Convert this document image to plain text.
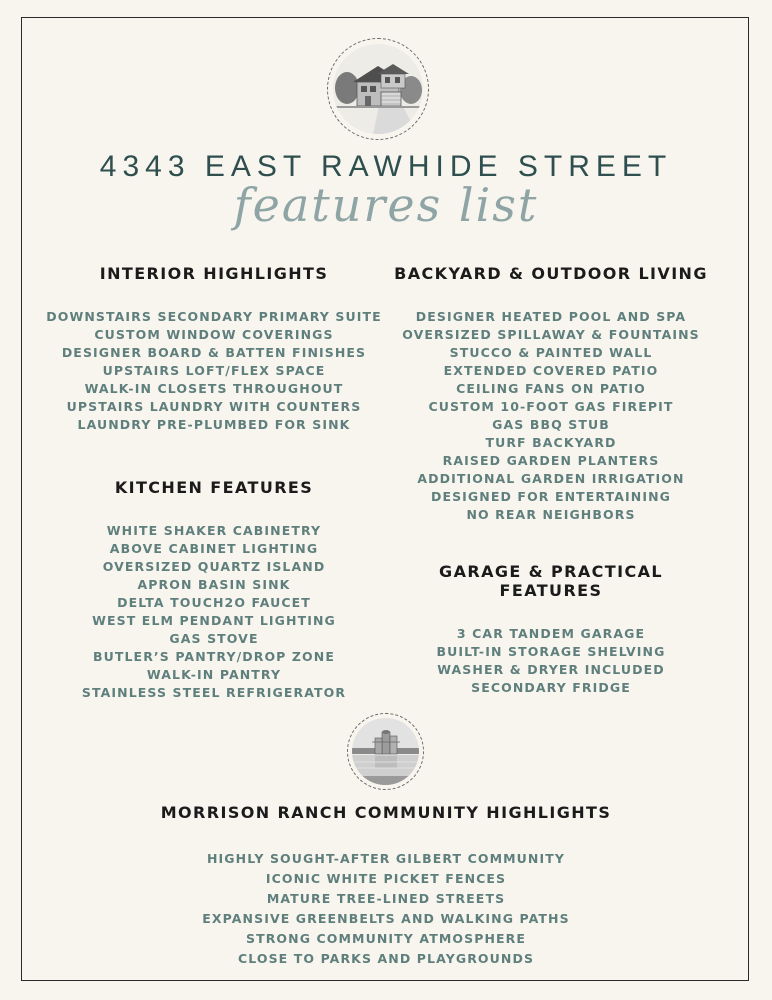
4343 EAST RAWHIDE STREET
features list
INTERIOR HIGHLIGHTS
DOWNSTAIRS SECONDARY PRIMARY SUITE
CUSTOM WINDOW COVERINGS
DESIGNER BOARD & BATTEN FINISHES
UPSTAIRS LOFT/FLEX SPACE
WALK-IN CLOSETS THROUGHOUT
UPSTAIRS LAUNDRY WITH COUNTERS
LAUNDRY PRE-PLUMBED FOR SINK
KITCHEN FEATURES
WHITE SHAKER CABINETRY
ABOVE CABINET LIGHTING
OVERSIZED QUARTZ ISLAND
APRON BASIN SINK
DELTA TOUCH2O FAUCET
WEST ELM PENDANT LIGHTING
GAS STOVE
BUTLER’S PANTRY/DROP ZONE
WALK-IN PANTRY
STAINLESS STEEL REFRIGERATOR
BACKYARD & OUTDOOR LIVING
DESIGNER HEATED POOL AND SPA
OVERSIZED SPILLAWAY & FOUNTAINS
STUCCO & PAINTED WALL
EXTENDED COVERED PATIO
CEILING FANS ON PATIO
CUSTOM 10-FOOT GAS FIREPIT
GAS BBQ STUB
TURF BACKYARD
RAISED GARDEN PLANTERS
ADDITIONAL GARDEN IRRIGATION
DESIGNED FOR ENTERTAINING
NO REAR NEIGHBORS
GARAGE & PRACTICAL FEATURES
3 CAR TANDEM GARAGE
BUILT-IN STORAGE SHELVING
WASHER & DRYER INCLUDED
SECONDARY FRIDGE
MORRISON RANCH COMMUNITY HIGHLIGHTS
HIGHLY SOUGHT-AFTER GILBERT COMMUNITY
ICONIC WHITE PICKET FENCES
MATURE TREE-LINED STREETS
EXPANSIVE GREENBELTS AND WALKING PATHS
STRONG COMMUNITY ATMOSPHERE
CLOSE TO PARKS AND PLAYGROUNDS
